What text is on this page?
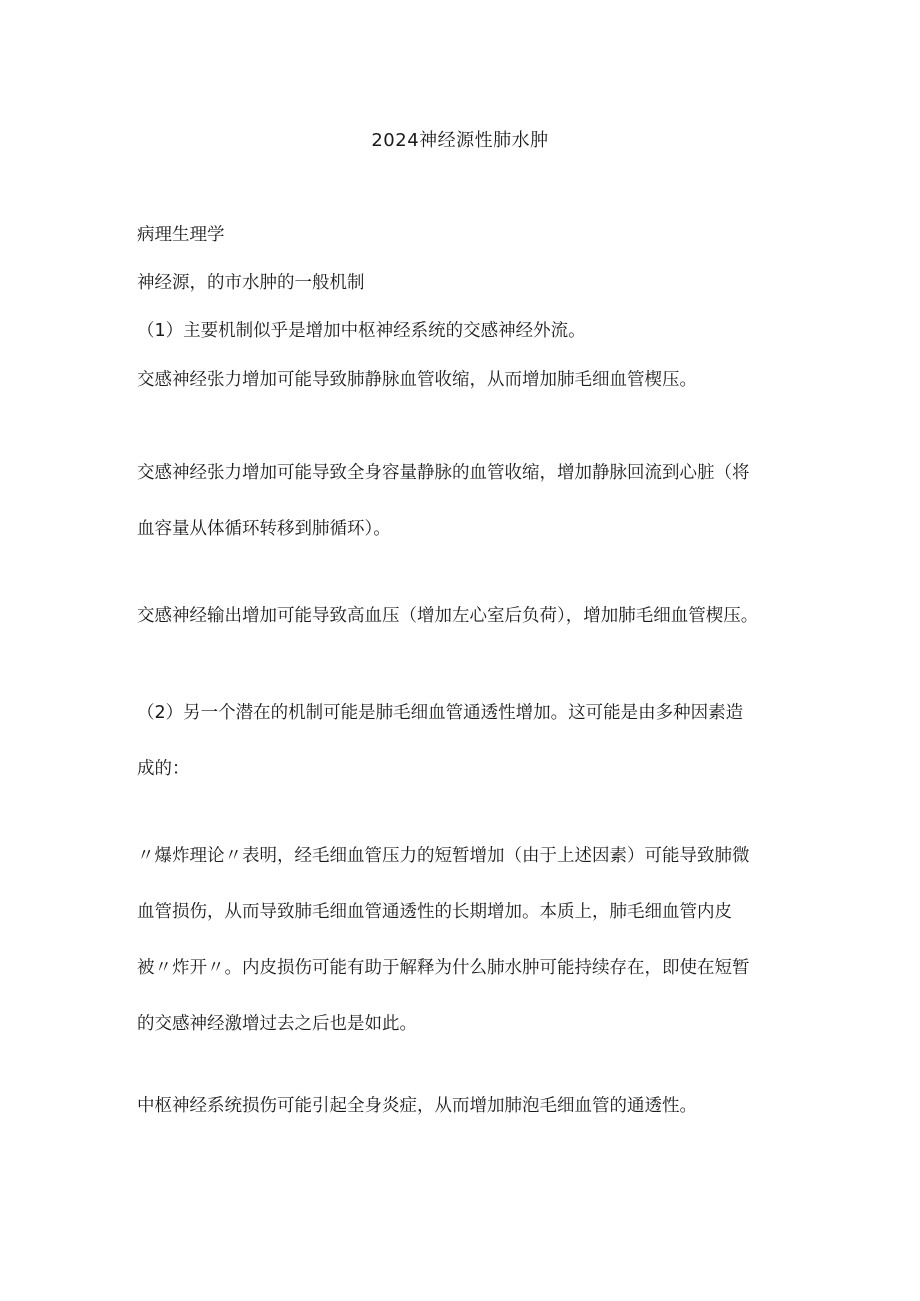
2024神经源性肺水肿

病理生理学

神经源，的市水肿的一般机制

（1）主要机制似乎是增加中枢神经系统的交感神经外流。

交感神经张力增加可能导致肺静脉血管收缩，从而增加肺毛细血管楔压。

交感神经张力增加可能导致全身容量静脉的血管收缩，增加静脉回流到心脏（将
血容量从体循环转移到肺循环）。

交感神经输出增加可能导致高血压（增加左心室后负荷），增加肺毛细血管楔压。

（2）另一个潜在的机制可能是肺毛细血管通透性增加。这可能是由多种因素造
成的：
〃爆炸理论〃表明，经毛细血管压力的短暂增加（由于上述因素）可能导致肺微
血管损伤，从而导致肺毛细血管通透性的长期增加。本质上，肺毛细血管内皮
被〃炸开〃。内皮损伤可能有助于解释为什么肺水肿可能持续存在，即使在短暂
的交感神经激增过去之后也是如此。

中枢神经系统损伤可能引起全身炎症，从而增加肺泡毛细血管的通透性。
